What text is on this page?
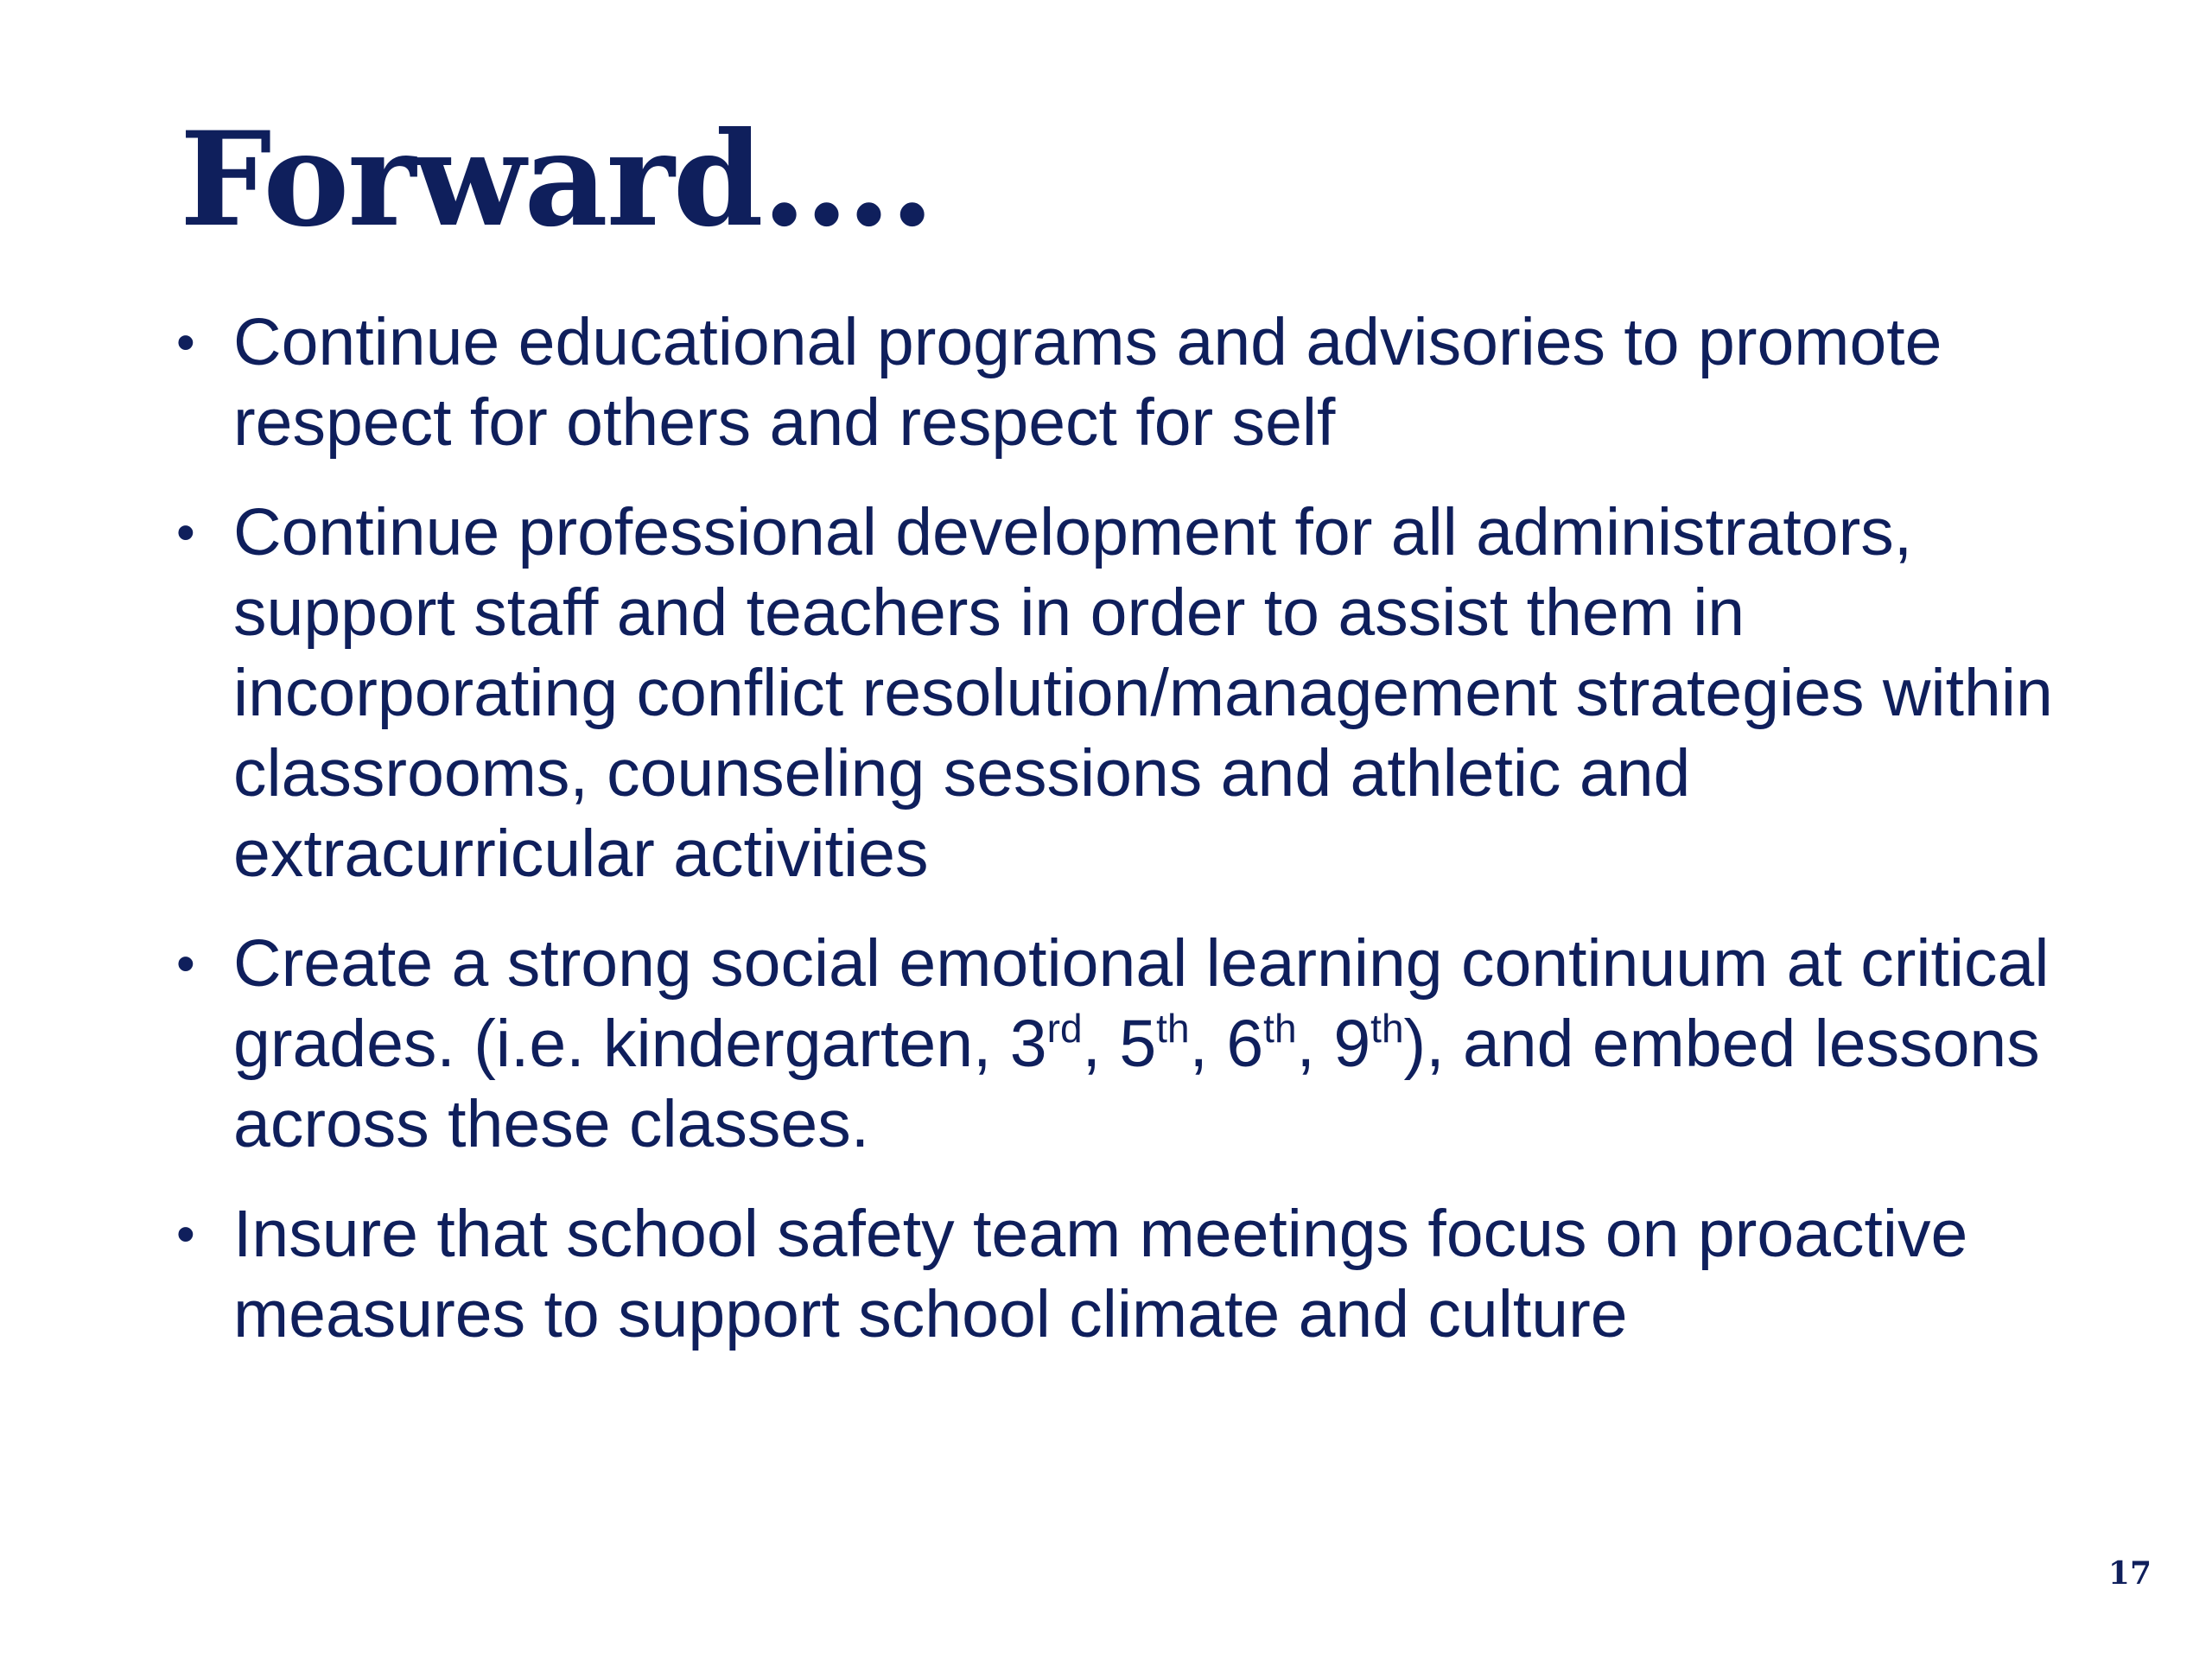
Forward….
• Continue educational programs and advisories to promote respect for others and respect for self
• Continue professional development for all administrators, support staff and teachers in order to assist them in incorporating conflict resolution/management strategies within classrooms, counseling sessions and athletic and extracurricular activities
• Create a strong social emotional learning continuum at critical grades. (i.e. kindergarten, 3rd, 5th, 6th, 9th), and embed lessons across these classes.
• Insure that school safety team meetings focus on proactive measures to support school climate and culture
17
